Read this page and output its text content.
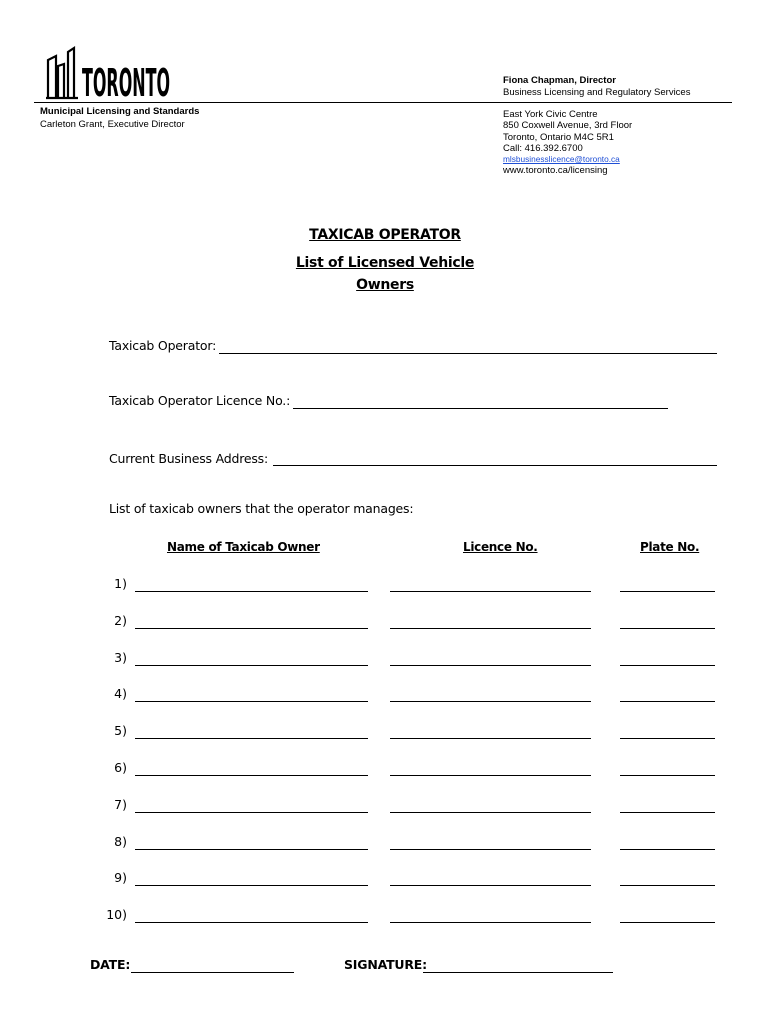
TORONTO	Fiona Chapman, Director
Business Licensing and Regulatory Services
Municipal Licensing and Standards
Carleton Grant, Executive Director
East York Civic Centre
850 Coxwell Avenue, 3rd Floor
Toronto, Ontario M4C 5R1
Call: 416.392.6700
mlsbusinesslicence@toronto.ca
www.toronto.ca/licensing
TAXICAB OPERATOR
List of Licensed Vehicle
Owners
Taxicab Operator:
Taxicab Operator Licence No.:
Current Business Address:
List of taxicab owners that the operator manages:
Name of Taxicab Owner	Licence No.	Plate No.
1)
2)
3)
4)
5)
6)
7)
8)
9)
10)
DATE:	SIGNATURE:
